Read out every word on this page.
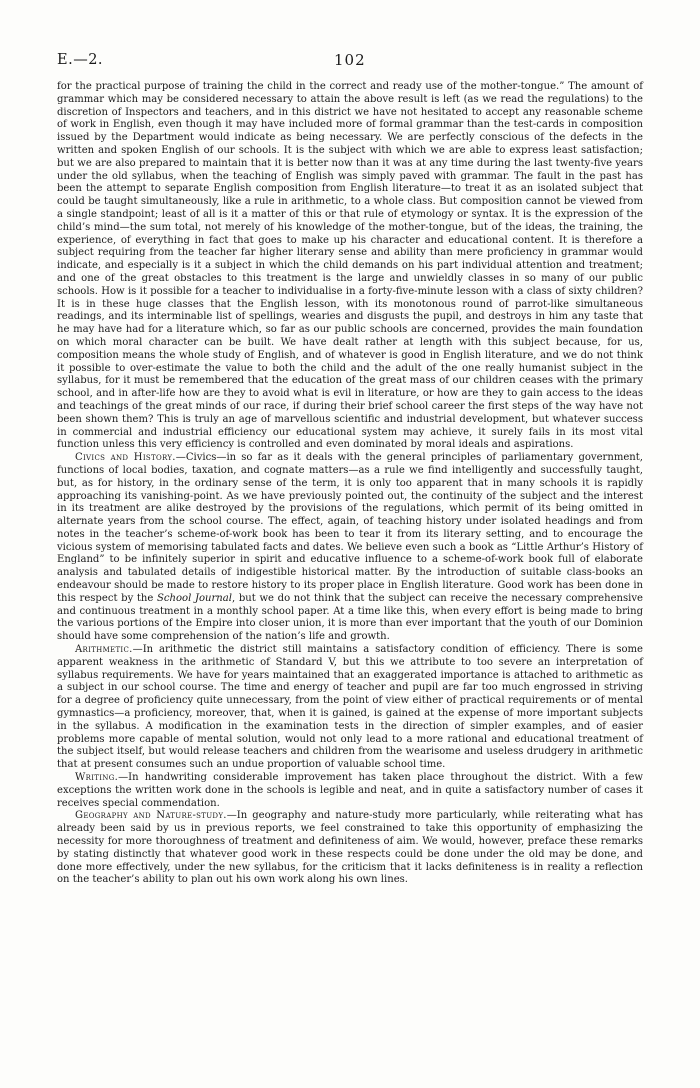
E.—2.	102

for the practical purpose of training the child in the correct and ready use of the mother-tongue.” The amount of grammar which may be considered necessary to attain the above result is left (as we read the regulations) to the discretion of Inspectors and teachers, and in this district we have not hesitated to accept any reasonable scheme of work in English, even though it may have included more of formal grammar than the test-cards in composition issued by the Department would indicate as being necessary. We are perfectly conscious of the defects in the written and spoken English of our schools. It is the subject with which we are able to express least satisfaction; but we are also prepared to maintain that it is better now than it was at any time during the last twenty-five years under the old syllabus, when the teaching of English was simply paved with grammar. The fault in the past has been the attempt to separate English composition from English literature—to treat it as an isolated subject that could be taught simultaneously, like a rule in arithmetic, to a whole class. But composition cannot be viewed from a single standpoint; least of all is it a matter of this or that rule of etymology or syntax. It is the expression of the child’s mind—the sum total, not merely of his knowledge of the mother-tongue, but of the ideas, the training, the experience, of everything in fact that goes to make up his character and educational content. It is therefore a subject requiring from the teacher far higher literary sense and ability than mere proficiency in grammar would indicate, and especially is it a subject in which the child demands on his part individual attention and treatment; and one of the great obstacles to this treatment is the large and unwieldly classes in so many of our public schools. How is it possible for a teacher to individualise in a forty-five-minute lesson with a class of sixty children? It is in these huge classes that the English lesson, with its monotonous round of parrot-like simultaneous readings, and its interminable list of spellings, wearies and disgusts the pupil, and destroys in him any taste that he may have had for a literature which, so far as our public schools are concerned, provides the main foundation on which moral character can be built. We have dealt rather at length with this subject because, for us, composition means the whole study of English, and of whatever is good in English literature, and we do not think it possible to over-estimate the value to both the child and the adult of the one really humanist subject in the syllabus, for it must be remembered that the education of the great mass of our children ceases with the primary school, and in after-life how are they to avoid what is evil in literature, or how are they to gain access to the ideas and teachings of the great minds of our race, if during their brief school career the first steps of the way have not been shown them? This is truly an age of marvellous scientific and industrial development, but whatever success in commercial and industrial efficiency our educational system may achieve, it surely fails in its most vital function unless this very efficiency is controlled and even dominated by moral ideals and aspirations.

Civics and History.—Civics—in so far as it deals with the general principles of parliamentary government, functions of local bodies, taxation, and cognate matters—as a rule we find intelligently and successfully taught, but, as for history, in the ordinary sense of the term, it is only too apparent that in many schools it is rapidly approaching its vanishing-point. As we have previously pointed out, the continuity of the subject and the interest in its treatment are alike destroyed by the provisions of the regulations, which permit of its being omitted in alternate years from the school course. The effect, again, of teaching history under isolated headings and from notes in the teacher’s scheme-of-work book has been to tear it from its literary setting, and to encourage the vicious system of memorising tabulated facts and dates. We believe even such a book as “Little Arthur’s History of England” to be infinitely superior in spirit and educative influence to a scheme-of-work book full of elaborate analysis and tabulated details of indigestible historical matter. By the introduction of suitable class-books an endeavour should be made to restore history to its proper place in English literature. Good work has been done in this respect by the School Journal, but we do not think that the subject can receive the necessary comprehensive and continuous treatment in a monthly school paper. At a time like this, when every effort is being made to bring the various portions of the Empire into closer union, it is more than ever important that the youth of our Dominion should have some comprehension of the nation’s life and growth.

Arithmetic.—In arithmetic the district still maintains a satisfactory condition of efficiency. There is some apparent weakness in the arithmetic of Standard V, but this we attribute to too severe an interpretation of syllabus requirements. We have for years maintained that an exaggerated importance is attached to arithmetic as a subject in our school course. The time and energy of teacher and pupil are far too much engrossed in striving for a degree of proficiency quite unnecessary, from the point of view either of practical requirements or of mental gymnastics—a proficiency, moreover, that, when it is gained, is gained at the expense of more important subjects in the syllabus. A modification in the examination tests in the direction of simpler examples, and of easier problems more capable of mental solution, would not only lead to a more rational and educational treatment of the subject itself, but would release teachers and children from the wearisome and useless drudgery in arithmetic that at present consumes such an undue proportion of valuable school time.

Writing.—In handwriting considerable improvement has taken place throughout the district. With a few exceptions the written work done in the schools is legible and neat, and in quite a satisfactory number of cases it receives special commendation.

Geography and Nature-study.—In geography and nature-study more particularly, while reiterating what has already been said by us in previous reports, we feel constrained to take this opportunity of emphasizing the necessity for more thoroughness of treatment and definiteness of aim. We would, however, preface these remarks by stating distinctly that whatever good work in these respects could be done under the old may be done, and done more effectively, under the new syllabus, for the criticism that it lacks definiteness is in reality a reflection on the teacher’s ability to plan out his own work along his own lines.
